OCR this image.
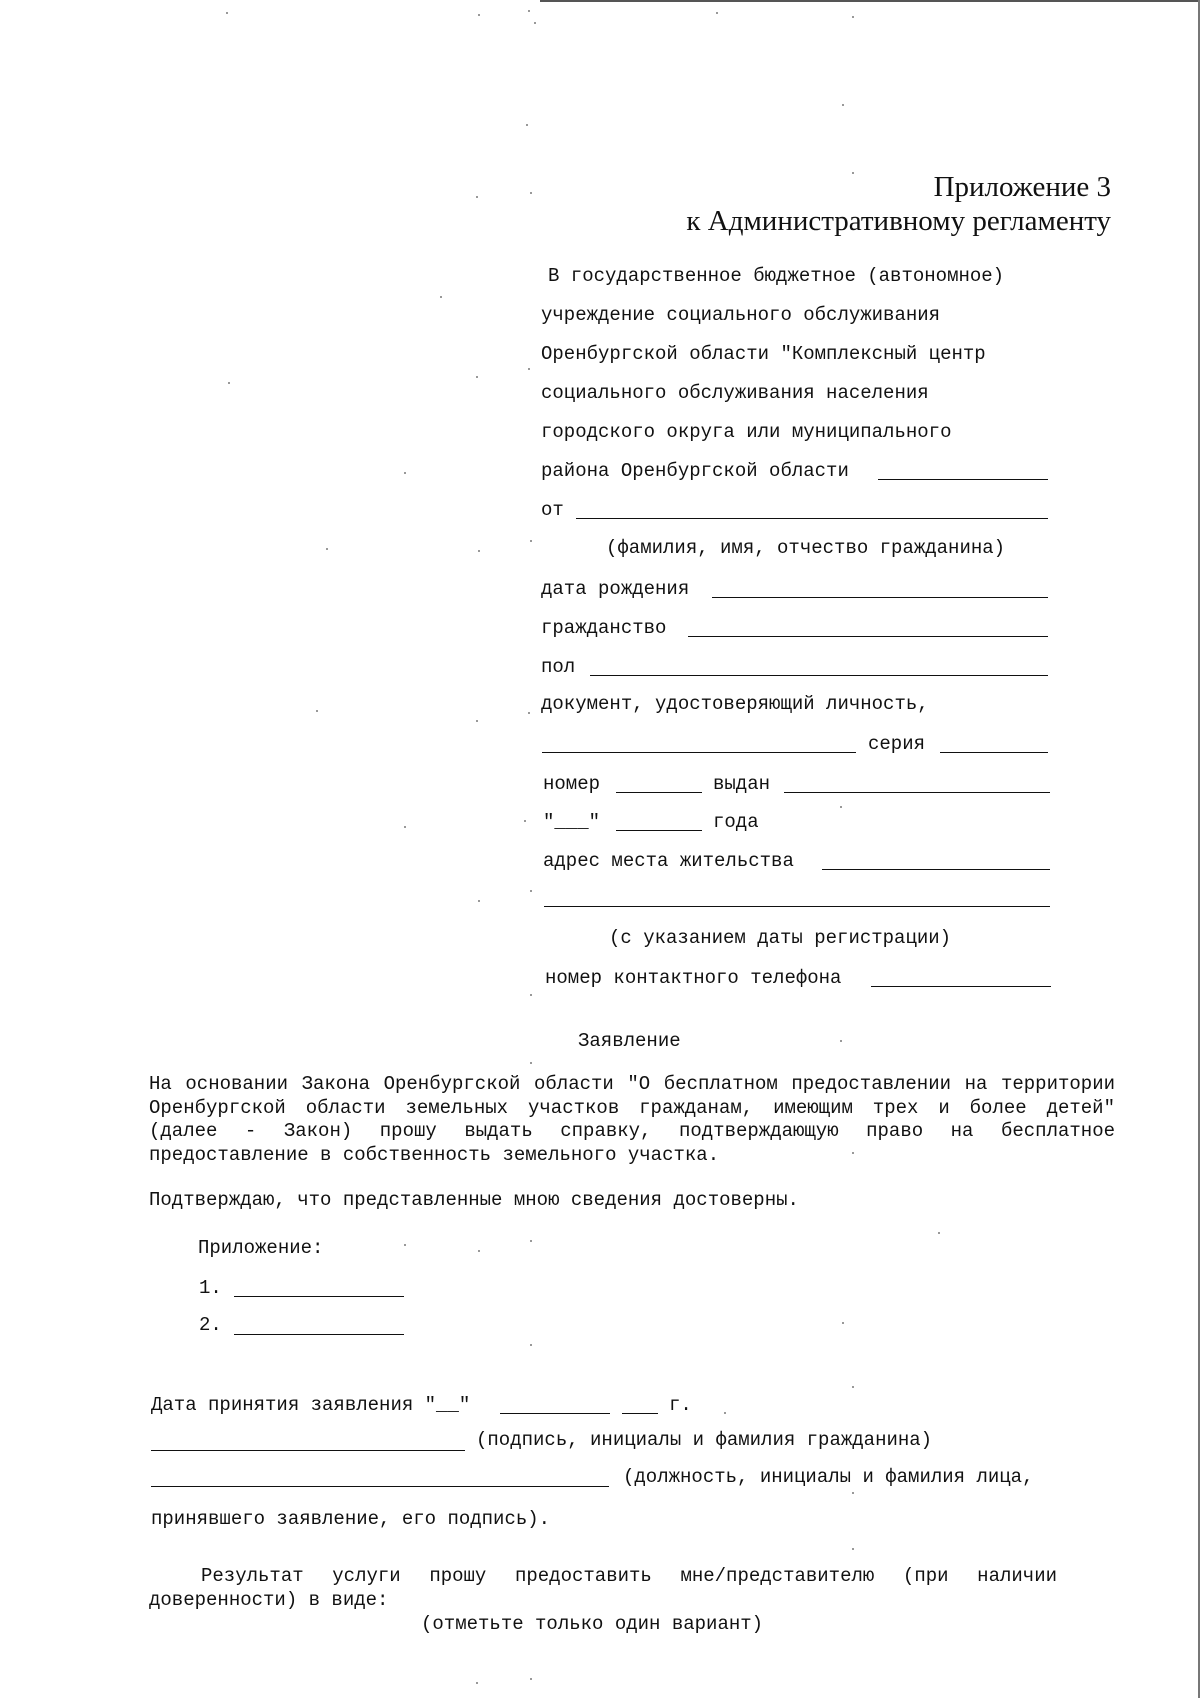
Приложение 3
к Административному регламенту
В государственное бюджетное (автономное)
учреждение социального обслуживания
Оренбургской области "Комплексный центр
социального обслуживания населения
городского округа или муниципального
района Оренбургской области
от
(фамилия, имя, отчество гражданина)
дата рождения
гражданство
пол
документ, удостоверяющий личность,
серия
номер	выдан
"___"	года
адрес места жительства
(с указанием даты регистрации)
номер контактного телефона
Заявление
На основании Закона Оренбургской области "О бесплатном предоставлении на территории Оренбургской области земельных участков гражданам, имеющим трех и более детей" (далее - Закон) прошу выдать справку, подтверждающую право на бесплатное предоставление в собственность земельного участка.
Подтверждаю, что представленные мною сведения достоверны.
Приложение:
1.
2.
Дата принятия заявления "__"	г.
(подпись, инициалы и фамилия гражданина)
(должность, инициалы и фамилия лица,
принявшего заявление, его подпись).
Результат услуги прошу предоставить мне/представителю (при наличии доверенности) в виде:
(отметьте только один вариант)
